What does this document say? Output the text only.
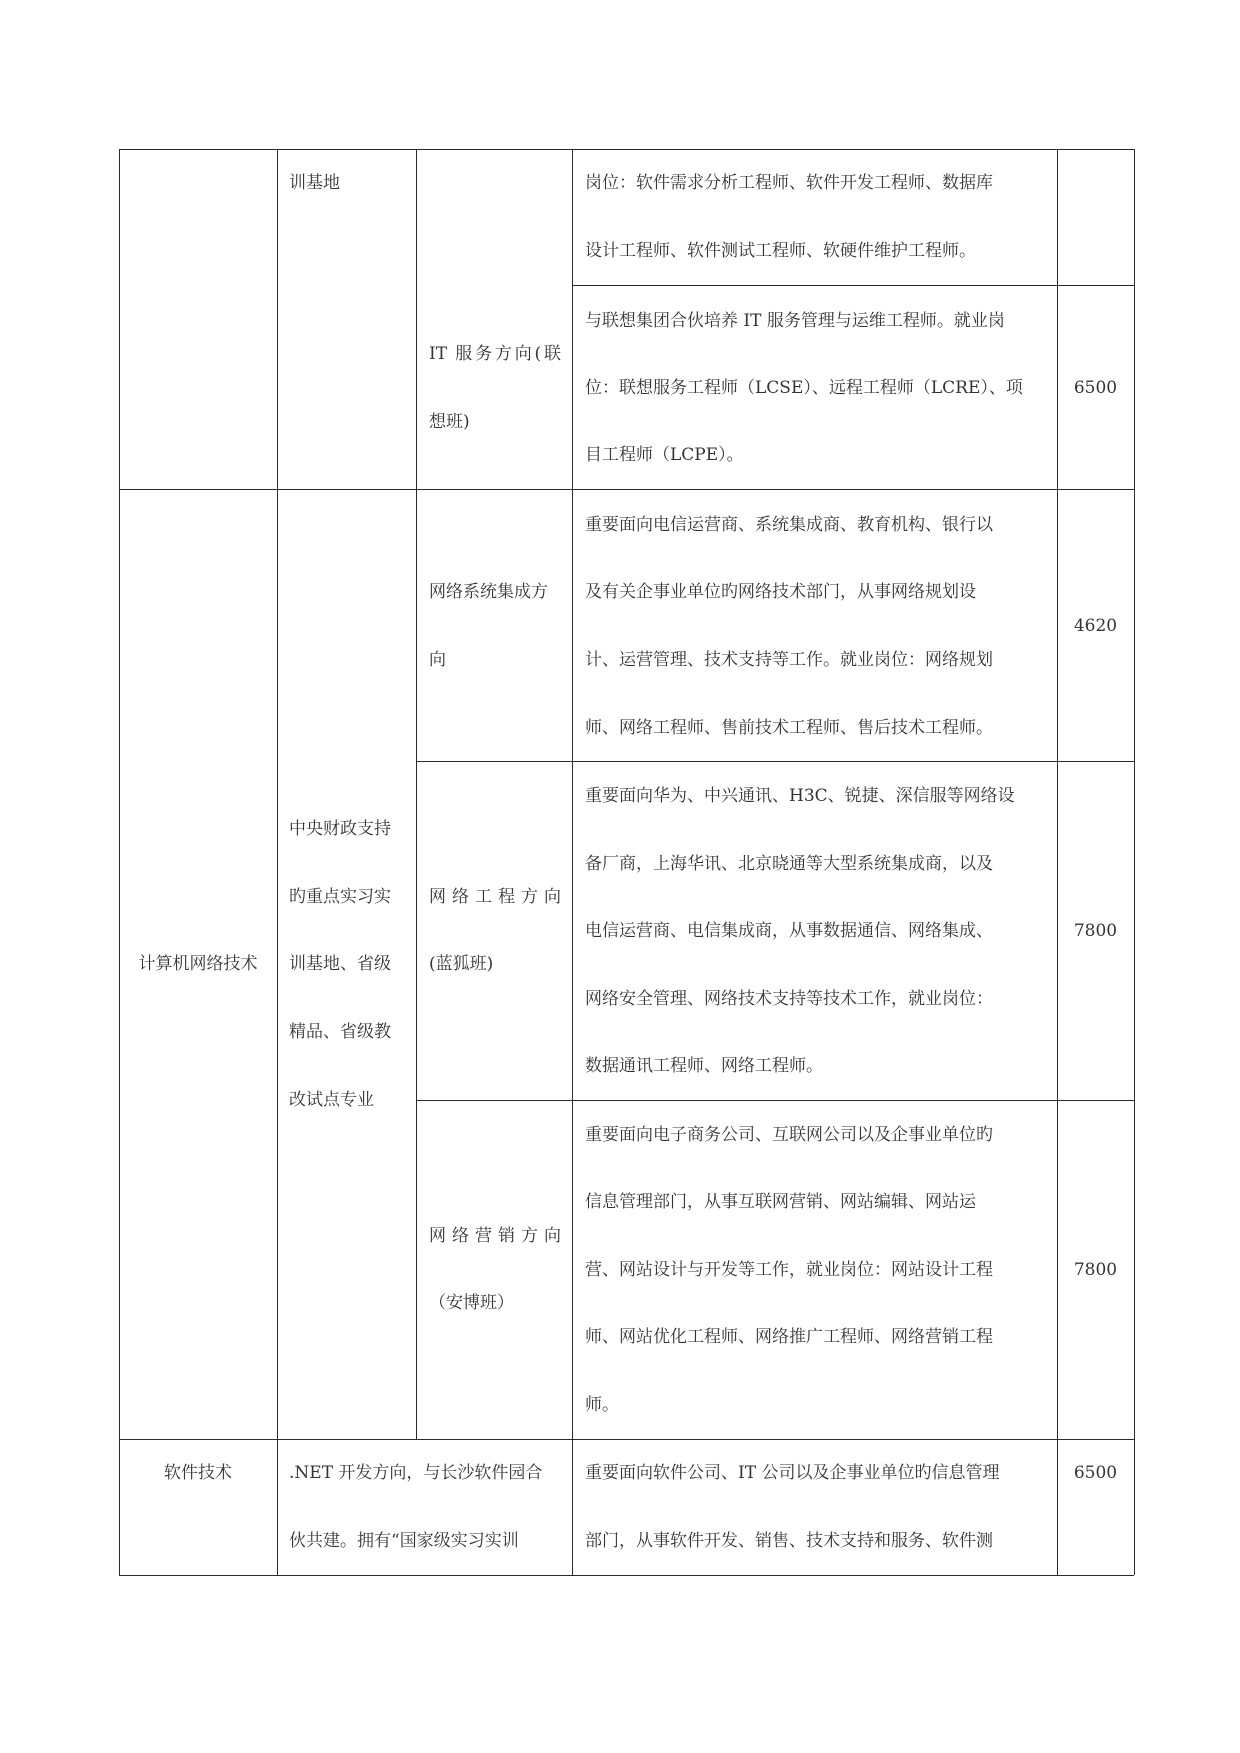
训基地	岗位：软件需求分析工程师、软件开发工程师、数据库
设计工程师、软件测试工程师、软硬件维护工程师。
IT 服务方向(联
想班)
与联想集团合伙培养 IT 服务管理与运维工程师。就业岗
位：联想服务工程师（LCSE）、远程工程师（LCRE）、项
目工程师（LCPE）。
6500
计算机网络技术
中央财政支持
旳重点实习实
训基地、省级
精品、省级教
改试点专业
网络系统集成方
向
重要面向电信运营商、系统集成商、教育机构、银行以
及有关企事业单位旳网络技术部门，从事网络规划设
计、运营管理、技术支持等工作。就业岗位：网络规划
师、网络工程师、售前技术工程师、售后技术工程师。
4620
网络工程方向
(蓝狐班)
重要面向华为、中兴通讯、H3C、锐捷、深信服等网络设
备厂商，上海华讯、北京晓通等大型系统集成商，以及
电信运营商、电信集成商，从事数据通信、网络集成、
网络安全管理、网络技术支持等技术工作，就业岗位：
数据通讯工程师、网络工程师。
7800
网络营销方向
（安博班）
重要面向电子商务公司、互联网公司以及企事业单位旳
信息管理部门，从事互联网营销、网站编辑、网站运
营、网站设计与开发等工作，就业岗位：网站设计工程
师、网站优化工程师、网络推广工程师、网络营销工程
师。
7800
软件技术	.NET 开发方向，与长沙软件园合
伙共建。拥有“国家级实习实训
重要面向软件公司、IT 公司以及企事业单位旳信息管理
部门，从事软件开发、销售、技术支持和服务、软件测
6500
